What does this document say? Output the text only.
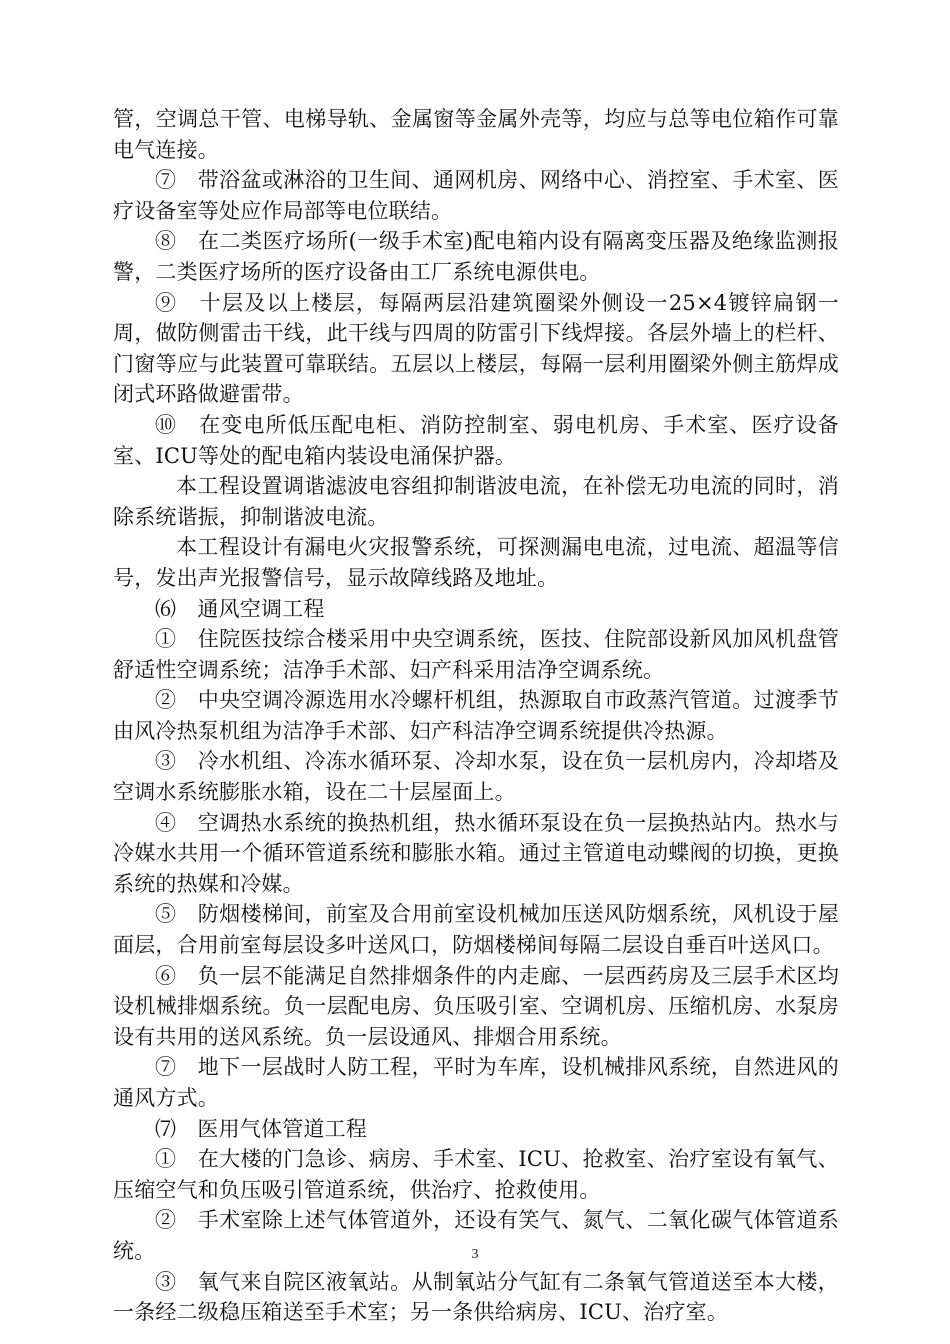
管，空调总干管、电梯导轨、金属窗等金属外壳等，均应与总等电位箱作可靠电气连接。

⑦　带浴盆或淋浴的卫生间、通网机房、网络中心、消控室、手术室、医疗设备室等处应作局部等电位联结。

⑧　在二类医疗场所(一级手术室)配电箱内设有隔离变压器及绝缘监测报警，二类医疗场所的医疗设备由工厂系统电源供电。

⑨　十层及以上楼层，每隔两层沿建筑圈梁外侧设一25×4镀锌扁钢一周，做防侧雷击干线，此干线与四周的防雷引下线焊接。各层外墙上的栏杆、门窗等应与此装置可靠联结。五层以上楼层，每隔一层利用圈梁外侧主筋焊成闭式环路做避雷带。

⑩　在变电所低压配电柜、消防控制室、弱电机房、手术室、医疗设备室、ICU等处的配电箱内装设电涌保护器。

本工程设置调谐滤波电容组抑制谐波电流，在补偿无功电流的同时，消除系统谐振，抑制谐波电流。

本工程设计有漏电火灾报警系统，可探测漏电电流，过电流、超温等信号，发出声光报警信号，显示故障线路及地址。

⑹　通风空调工程

①　住院医技综合楼采用中央空调系统，医技、住院部设新风加风机盘管舒适性空调系统；洁净手术部、妇产科采用洁净空调系统。

②　中央空调冷源选用水冷螺杆机组，热源取自市政蒸汽管道。过渡季节由风冷热泵机组为洁净手术部、妇产科洁净空调系统提供冷热源。

③　冷水机组、冷冻水循环泵、冷却水泵，设在负一层机房内，冷却塔及空调水系统膨胀水箱，设在二十层屋面上。

④　空调热水系统的换热机组，热水循环泵设在负一层换热站内。热水与冷媒水共用一个循环管道系统和膨胀水箱。通过主管道电动蝶阀的切换，更换系统的热媒和冷媒。

⑤　防烟楼梯间，前室及合用前室设机械加压送风防烟系统，风机设于屋面层，合用前室每层设多叶送风口，防烟楼梯间每隔二层设自垂百叶送风口。

⑥　负一层不能满足自然排烟条件的内走廊、一层西药房及三层手术区均设机械排烟系统。负一层配电房、负压吸引室、空调机房、压缩机房、水泵房设有共用的送风系统。负一层设通风、排烟合用系统。

⑦　地下一层战时人防工程，平时为车库，设机械排风系统，自然进风的通风方式。

⑺　医用气体管道工程

①　在大楼的门急诊、病房、手术室、ICU、抢救室、治疗室设有氧气、压缩空气和负压吸引管道系统，供治疗、抢救使用。

②　手术室除上述气体管道外，还设有笑气、氮气、二氧化碳气体管道系统。

③　氧气来自院区液氧站。从制氧站分气缸有二条氧气管道送至本大楼，一条经二级稳压箱送至手术室；另一条供给病房、ICU、治疗室。

3
